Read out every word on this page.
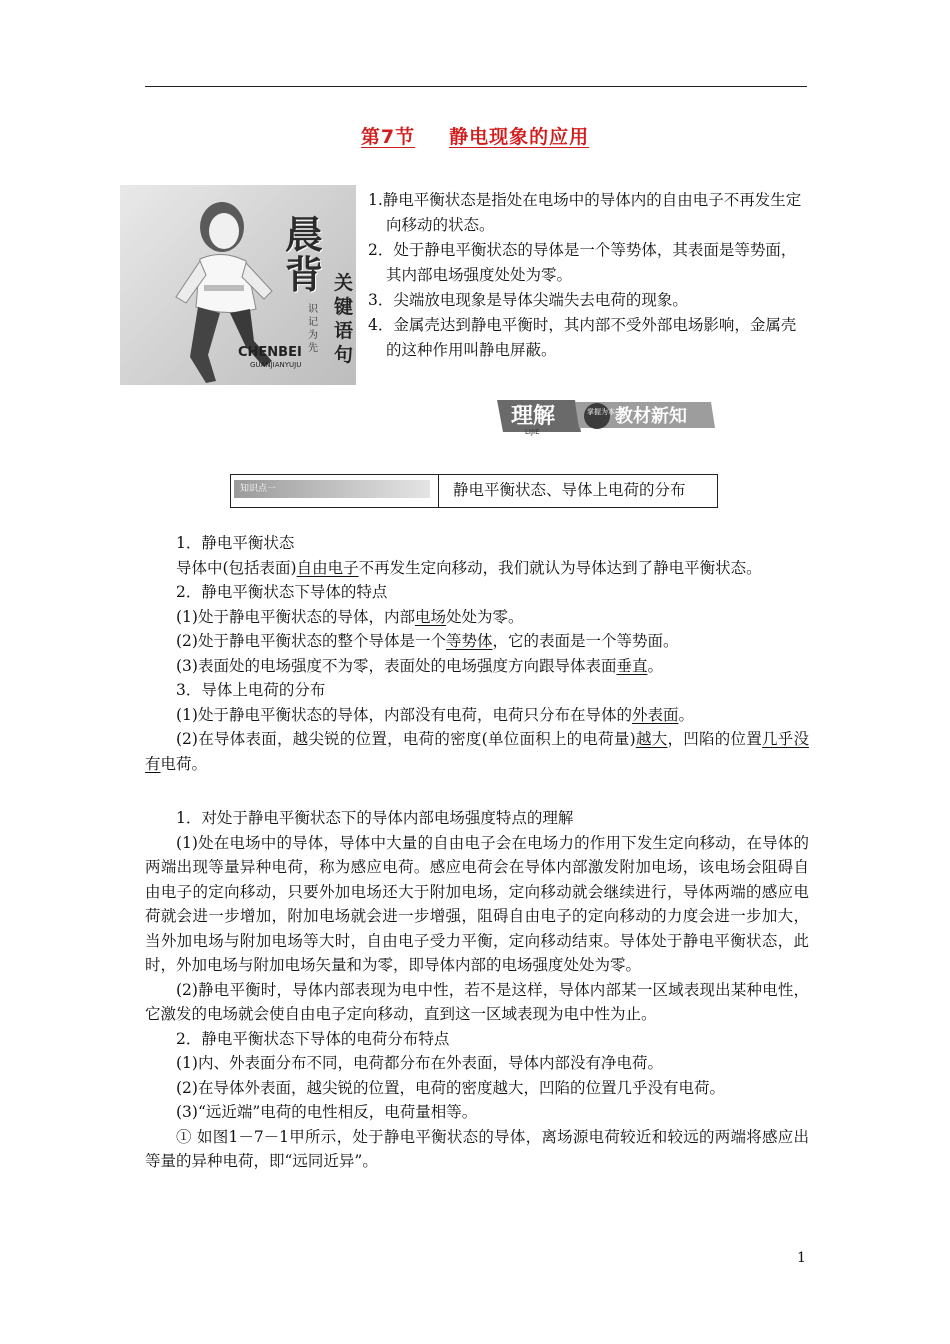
第7节 静电现象的应用
晨背 关键语句
识记为先
CHENBEI
GUANJIANYUJU
1.静电平衡状态是指处在电场中的导体内的自由电子不再发生定向移动的状态。
2．处于静电平衡状态的导体是一个等势体，其表面是等势面，其内部电场强度处处为零。
3．尖端放电现象是导体尖端失去电荷的现象。
4．金属壳达到静电平衡时，其内部不受外部电场影响，金属壳的这种作用叫静电屏蔽。
理解
LIJIE
掌握为本 教材新知
知识点一	静电平衡状态、导体上电荷的分布

1．静电平衡状态

导体中(包括表面)自由电子不再发生定向移动，我们就认为导体达到了静电平衡状态。

2．静电平衡状态下导体的特点

(1)处于静电平衡状态的导体，内部电场处处为零。

(2)处于静电平衡状态的整个导体是一个等势体，它的表面是一个等势面。

(3)表面处的电场强度不为零，表面处的电场强度方向跟导体表面垂直。

3．导体上电荷的分布

(1)处于静电平衡状态的导体，内部没有电荷，电荷只分布在导体的外表面。

(2)在导体表面，越尖锐的位置，电荷的密度(单位面积上的电荷量)越大，凹陷的位置几乎没有电荷。

1．对处于静电平衡状态下的导体内部电场强度特点的理解

(1)处在电场中的导体，导体中大量的自由电子会在电场力的作用下发生定向移动，在导体的两端出现等量异种电荷，称为感应电荷。感应电荷会在导体内部激发附加电场，该电场会阻碍自由电子的定向移动，只要外加电场还大于附加电场，定向移动就会继续进行，导体两端的感应电荷就会进一步增加，附加电场就会进一步增强，阻碍自由电子的定向移动的力度会进一步加大，当外加电场与附加电场等大时，自由电子受力平衡，定向移动结束。导体处于静电平衡状态，此时，外加电场与附加电场矢量和为零，即导体内部的电场强度处处为零。

(2)静电平衡时，导体内部表现为电中性，若不是这样，导体内部某一区域表现出某种电性，它激发的电场就会使自由电子定向移动，直到这一区域表现为电中性为止。

2．静电平衡状态下导体的电荷分布特点

(1)内、外表面分布不同，电荷都分布在外表面，导体内部没有净电荷。

(2)在导体外表面，越尖锐的位置，电荷的密度越大，凹陷的位置几乎没有电荷。

(3)“远近端”电荷的电性相反，电荷量相等。

① 如图1－7－1甲所示，处于静电平衡状态的导体，离场源电荷较近和较远的两端将感应出等量的异种电荷，即“远同近异”。

1
